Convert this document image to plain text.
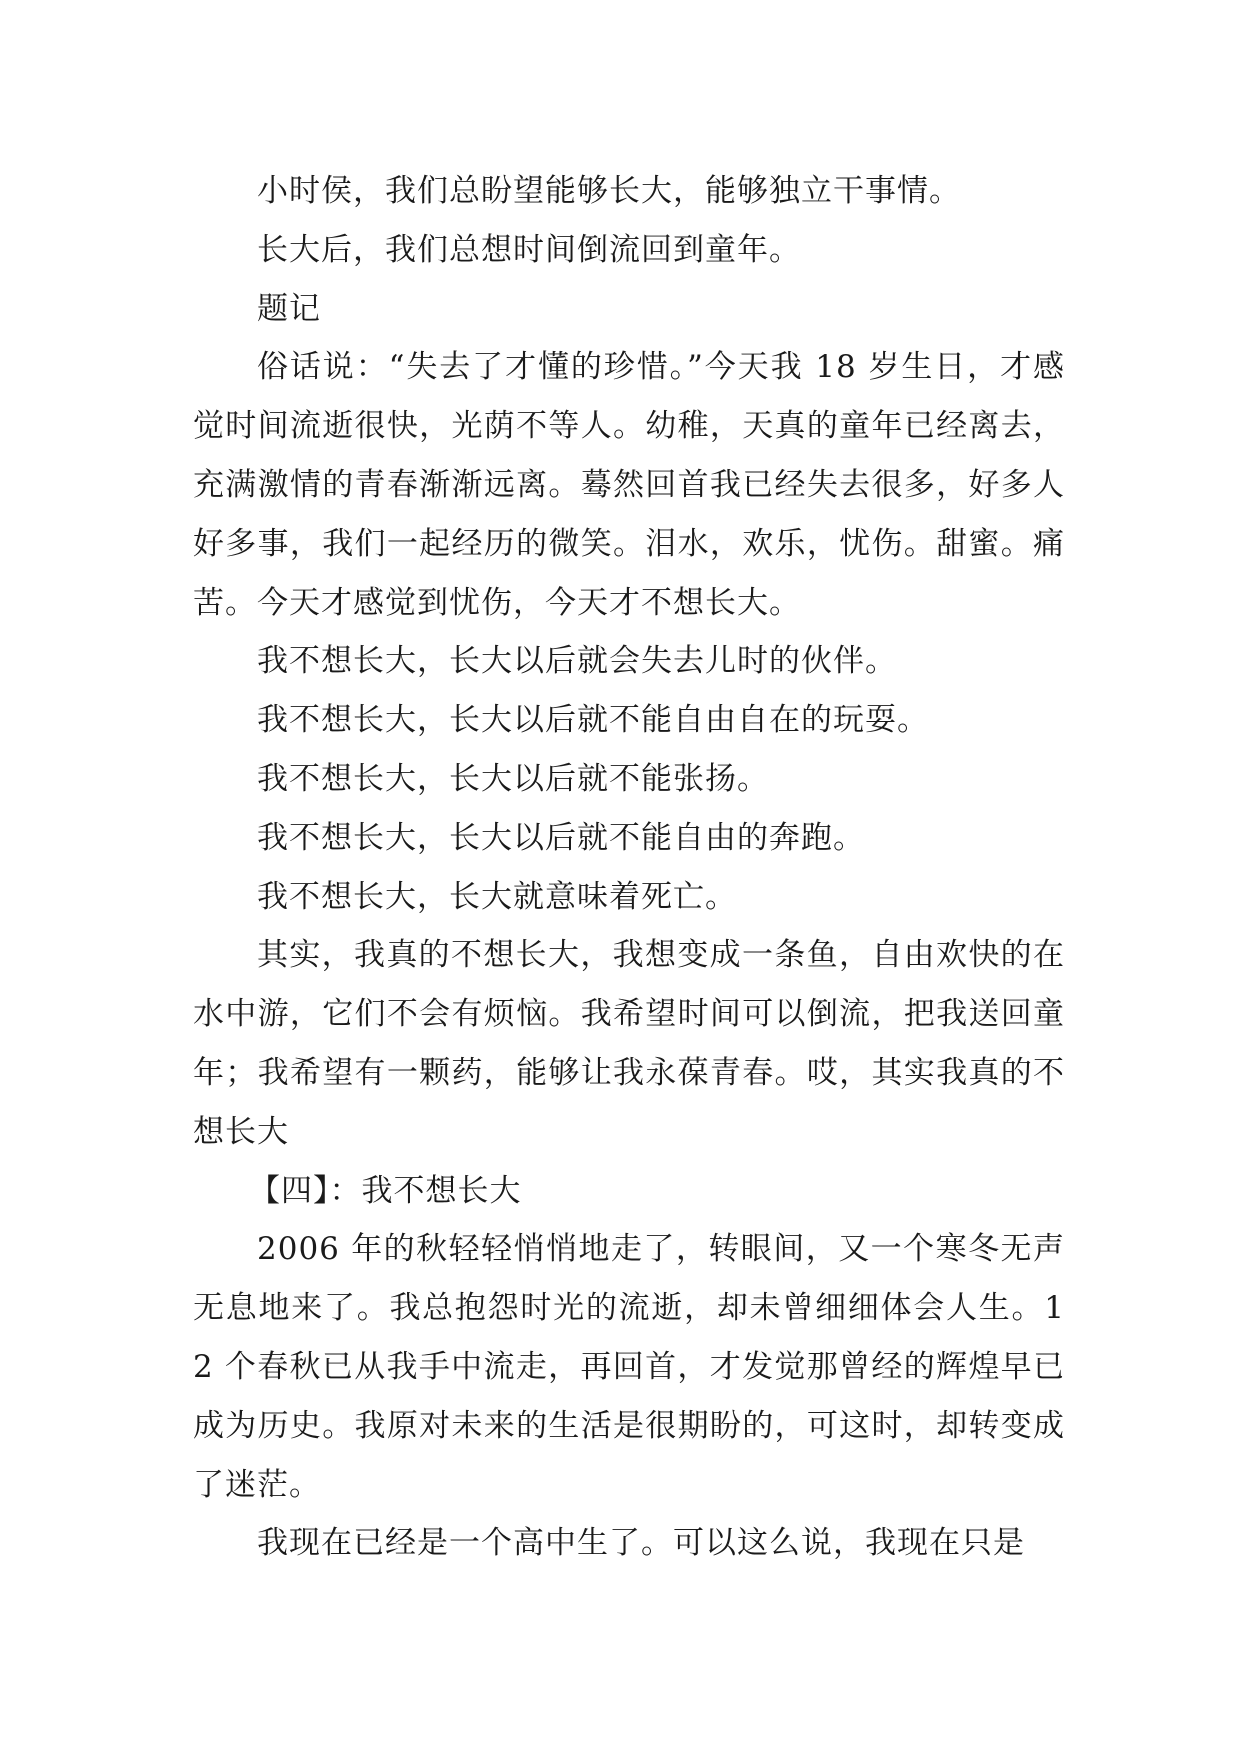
小时侯，我们总盼望能够长大，能够独立干事情。

长大后，我们总想时间倒流回到童年。

题记

俗话说：“失去了才懂的珍惜。”今天我 18 岁生日，才感觉时间流逝很快，光荫不等人。幼稚，天真的童年已经离去，充满激情的青春渐渐远离。蓦然回首我已经失去很多，好多人好多事，我们一起经历的微笑。泪水，欢乐，忧伤。甜蜜。痛苦。今天才感觉到忧伤，今天才不想长大。

我不想长大，长大以后就会失去儿时的伙伴。

我不想长大，长大以后就不能自由自在的玩耍。

我不想长大，长大以后就不能张扬。

我不想长大，长大以后就不能自由的奔跑。

我不想长大，长大就意味着死亡。

其实，我真的不想长大，我想变成一条鱼，自由欢快的在水中游，它们不会有烦恼。我希望时间可以倒流，把我送回童年；我希望有一颗药，能够让我永葆青春。哎，其实我真的不想长大

【四】：我不想长大

2006 年的秋轻轻悄悄地走了，转眼间，又一个寒冬无声无息地来了。我总抱怨时光的流逝，却未曾细细体会人生。12 个春秋已从我手中流走，再回首，才发觉那曾经的辉煌早已成为历史。我原对未来的生活是很期盼的，可这时，却转变成了迷茫。

我现在已经是一个高中生了。可以这么说，我现在只是
